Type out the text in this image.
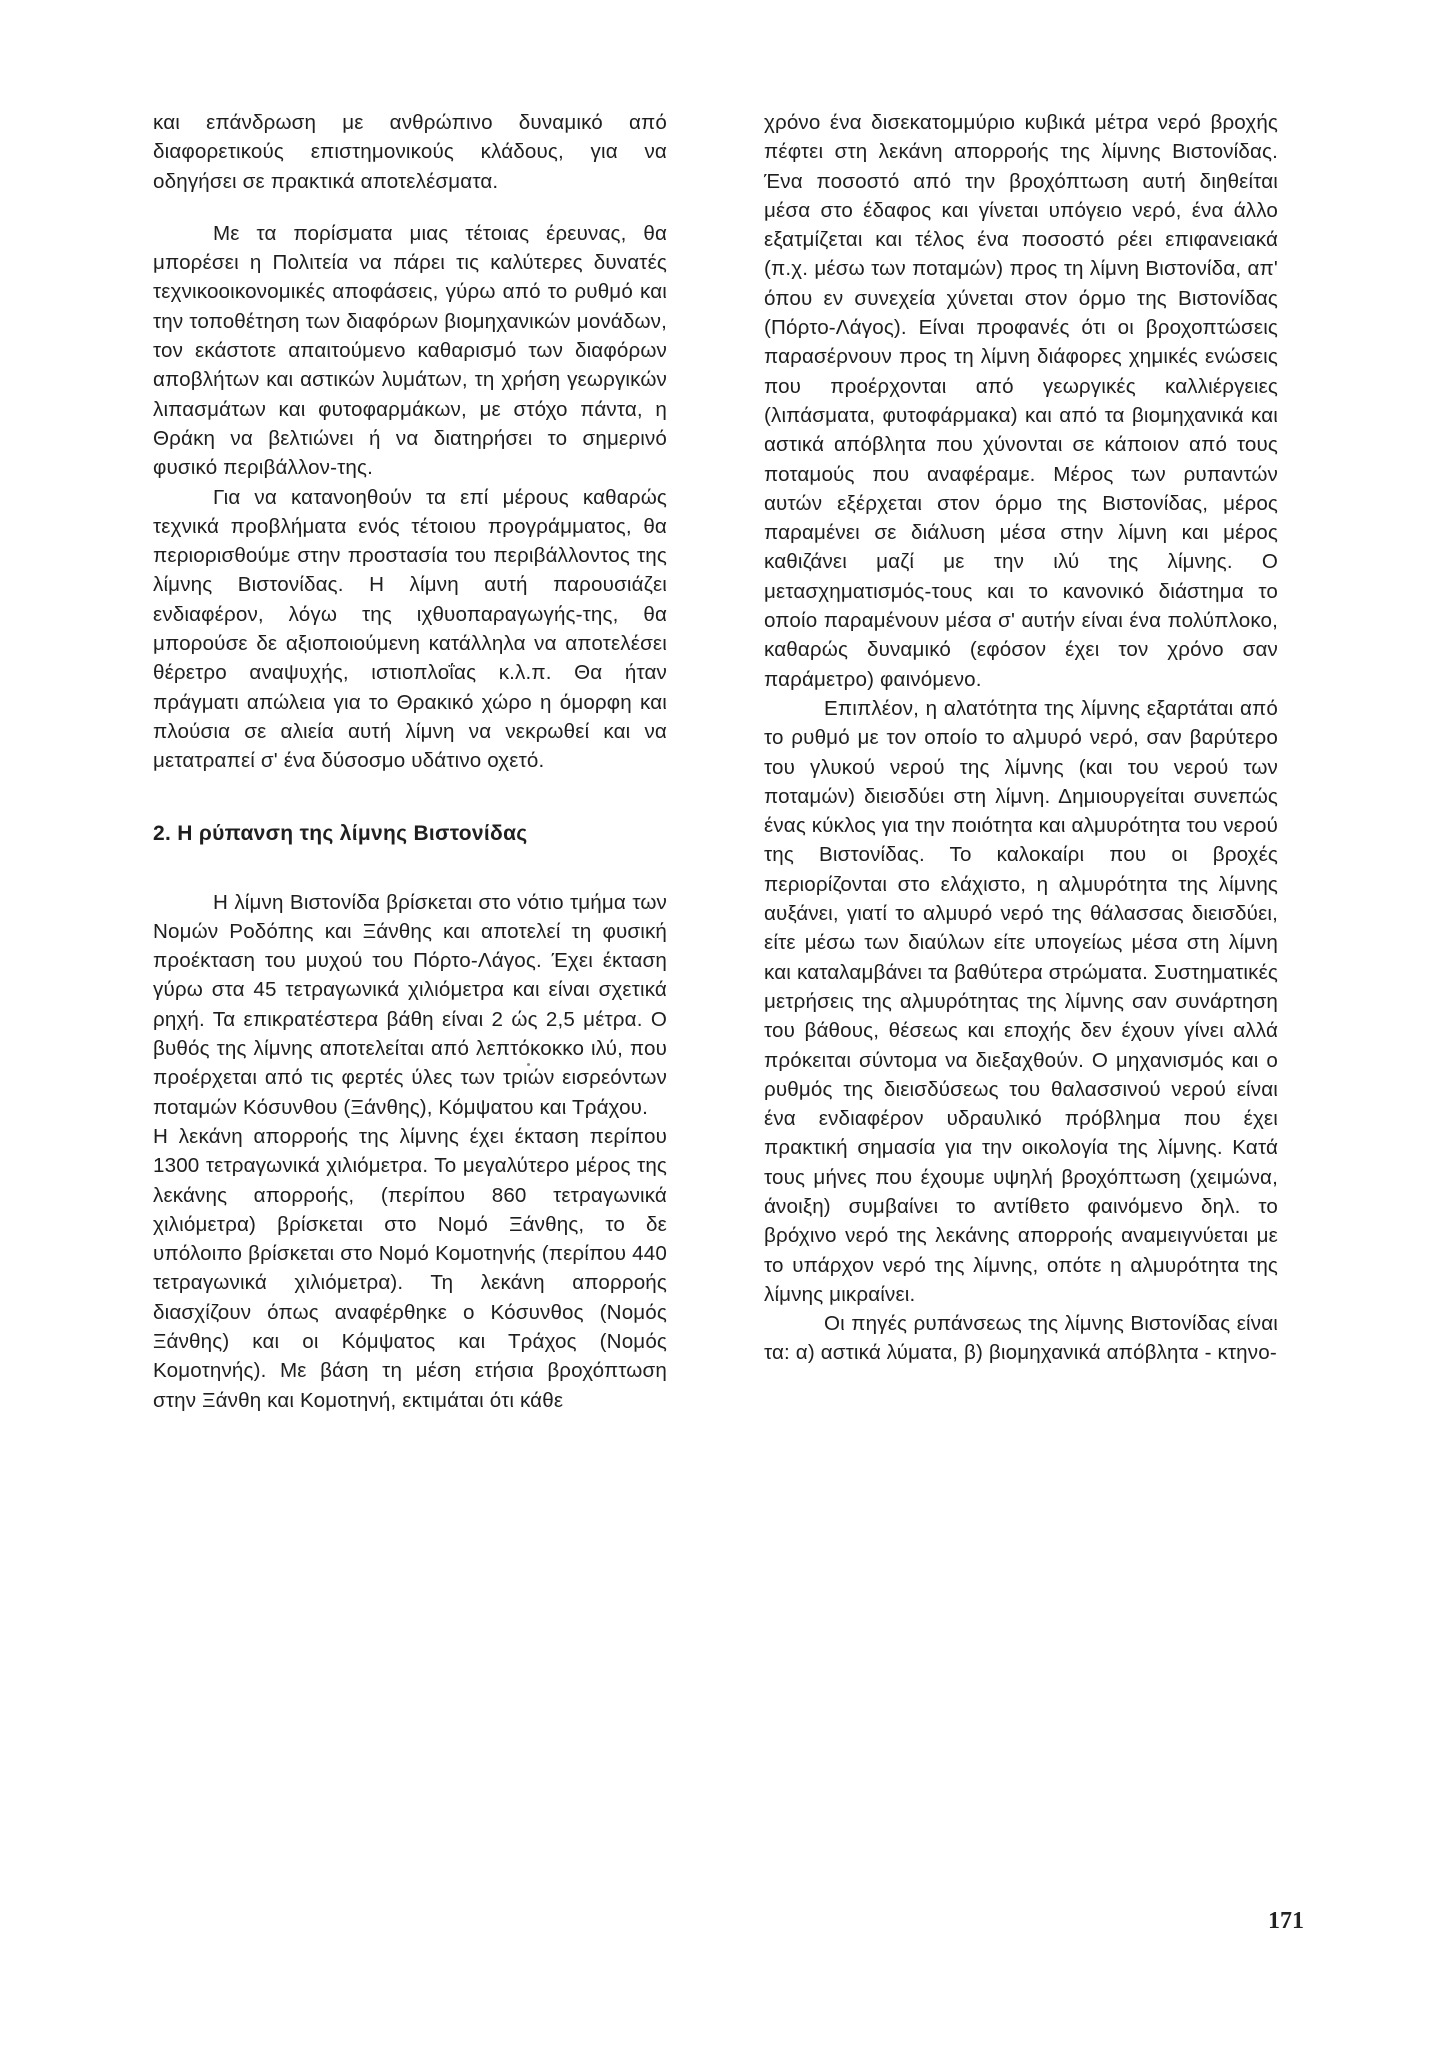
και επάνδρωση με ανθρώπινο δυναμικό από διαφορετικούς επιστημονικούς κλάδους, για να οδηγήσει σε πρακτικά αποτελέσματα.

Με τα πορίσματα μιας τέτοιας έρευνας, θα μπορέσει η Πολιτεία να πάρει τις καλύτερες δυνατές τεχνικοοικονομικές αποφάσεις, γύρω από το ρυθμό και την τοποθέτηση των διαφόρων βιομηχανικών μονάδων, τον εκάστοτε απαιτούμενο καθαρισμό των διαφόρων αποβλήτων και αστικών λυμάτων, τη χρήση γεωργικών λιπασμάτων και φυτοφαρμάκων, με στόχο πάντα, η Θράκη να βελτιώνει ή να διατηρήσει το σημερινό φυσικό περιβάλλον-της.

Για να κατανοηθούν τα επί μέρους καθαρώς τεχνικά προβλήματα ενός τέτοιου προγράμματος, θα περιορισθούμε στην προστασία του περιβάλλοντος της λίμνης Βιστονίδας. Η λίμνη αυτή παρουσιάζει ενδιαφέρον, λόγω της ιχθυοπαραγωγής-της, θα μπορούσε δε αξιοποιούμενη κατάλληλα να αποτελέσει θέρετρο αναψυχής, ιστιοπλοΐας κ.λ.π. Θα ήταν πράγματι απώλεια για το Θρακικό χώρο η όμορφη και πλούσια σε αλιεία αυτή λίμνη να νεκρωθεί και να μετατραπεί σ' ένα δύσοσμο υδάτινο οχετό.

2. Η ρύπανση της λίμνης Βιστονίδας

Η λίμνη Βιστονίδα βρίσκεται στο νότιο τμήμα των Νομών Ροδόπης και Ξάνθης και αποτελεί τη φυσική προέκταση του μυχού του Πόρτο-Λάγος. Έχει έκταση γύρω στα 45 τετραγωνικά χιλιόμετρα και είναι σχετικά ρηχή. Τα επικρατέστερα βάθη είναι 2 ώς 2,5 μέτρα. Ο βυθός της λίμνης αποτελείται από λεπτόκοκκο ιλύ, που προέρχεται από τις φερτές ύλες των τριών εισρεόντων ποταμών Κόσυνθου (Ξάνθης), Κόμψατου και Τράχου.

Η λεκάνη απορροής της λίμνης έχει έκταση περίπου 1300 τετραγωνικά χιλιόμετρα. Το μεγαλύτερο μέρος της λεκάνης απορροής, (περίπου 860 τετραγωνικά χιλιόμετρα) βρίσκεται στο Νομό Ξάνθης, το δε υπόλοιπο βρίσκεται στο Νομό Κομοτηνής (περίπου 440 τετραγωνικά χιλιόμετρα). Τη λεκάνη απορροής διασχίζουν όπως αναφέρθηκε ο Κόσυνθος (Νομός Ξάνθης) και οι Κόμψατος και Τράχος (Νομός Κομοτηνής). Με βάση τη μέση ετήσια βροχόπτωση στην Ξάνθη και Κομοτηνή, εκτιμάται ότι κάθε

χρόνο ένα δισεκατομμύριο κυβικά μέτρα νερό βροχής πέφτει στη λεκάνη απορροής της λίμνης Βιστονίδας. Ένα ποσοστό από την βροχόπτωση αυτή διηθείται μέσα στο έδαφος και γίνεται υπόγειο νερό, ένα άλλο εξατμίζεται και τέλος ένα ποσοστό ρέει επιφανειακά (π.χ. μέσω των ποταμών) προς τη λίμνη Βιστονίδα, απ' όπου εν συνεχεία χύνεται στον όρμο της Βιστονίδας (Πόρτο-Λάγος). Είναι προφανές ότι οι βροχοπτώσεις παρασέρνουν προς τη λίμνη διάφορες χημικές ενώσεις που προέρχονται από γεωργικές καλλιέργειες (λιπάσματα, φυτοφάρμακα) και από τα βιομηχανικά και αστικά απόβλητα που χύνονται σε κάποιον από τους ποταμούς που αναφέραμε. Μέρος των ρυπαντών αυτών εξέρχεται στον όρμο της Βιστονίδας, μέρος παραμένει σε διάλυση μέσα στην λίμνη και μέρος καθιζάνει μαζί με την ιλύ της λίμνης. Ο μετασχηματισμός-τους και το κανονικό διάστημα το οποίο παραμένουν μέσα σ' αυτήν είναι ένα πολύπλοκο, καθαρώς δυναμικό (εφόσον έχει τον χρόνο σαν παράμετρο) φαινόμενο.

Επιπλέον, η αλατότητα της λίμνης εξαρτάται από το ρυθμό με τον οποίο το αλμυρό νερό, σαν βαρύτερο του γλυκού νερού της λίμνης (και του νερού των ποταμών) διεισδύει στη λίμνη. Δημιουργείται συνεπώς ένας κύκλος για την ποιότητα και αλμυρότητα του νερού της Βιστονίδας. Το καλοκαίρι που οι βροχές περιορίζονται στο ελάχιστο, η αλμυρότητα της λίμνης αυξάνει, γιατί το αλμυρό νερό της θάλασσας διεισδύει, είτε μέσω των διαύλων είτε υπογείως μέσα στη λίμνη και καταλαμβάνει τα βαθύτερα στρώματα. Συστηματικές μετρήσεις της αλμυρότητας της λίμνης σαν συνάρτηση του βάθους, θέσεως και εποχής δεν έχουν γίνει αλλά πρόκειται σύντομα να διεξαχθούν. Ο μηχανισμός και ο ρυθμός της διεισδύσεως του θαλασσινού νερού είναι ένα ενδιαφέρον υδραυλικό πρόβλημα που έχει πρακτική σημασία για την οικολογία της λίμνης. Κατά τους μήνες που έχουμε υψηλή βροχόπτωση (χειμώνα, άνοιξη) συμβαίνει το αντίθετο φαινόμενο δηλ. το βρόχινο νερό της λεκάνης απορροής αναμειγνύεται με το υπάρχον νερό της λίμνης, οπότε η αλμυρότητα της λίμνης μικραίνει.

Οι πηγές ρυπάνσεως της λίμνης Βιστονίδας είναι τα: α) αστικά λύματα, β) βιομηχανικά απόβλητα - κτηνο-

171
